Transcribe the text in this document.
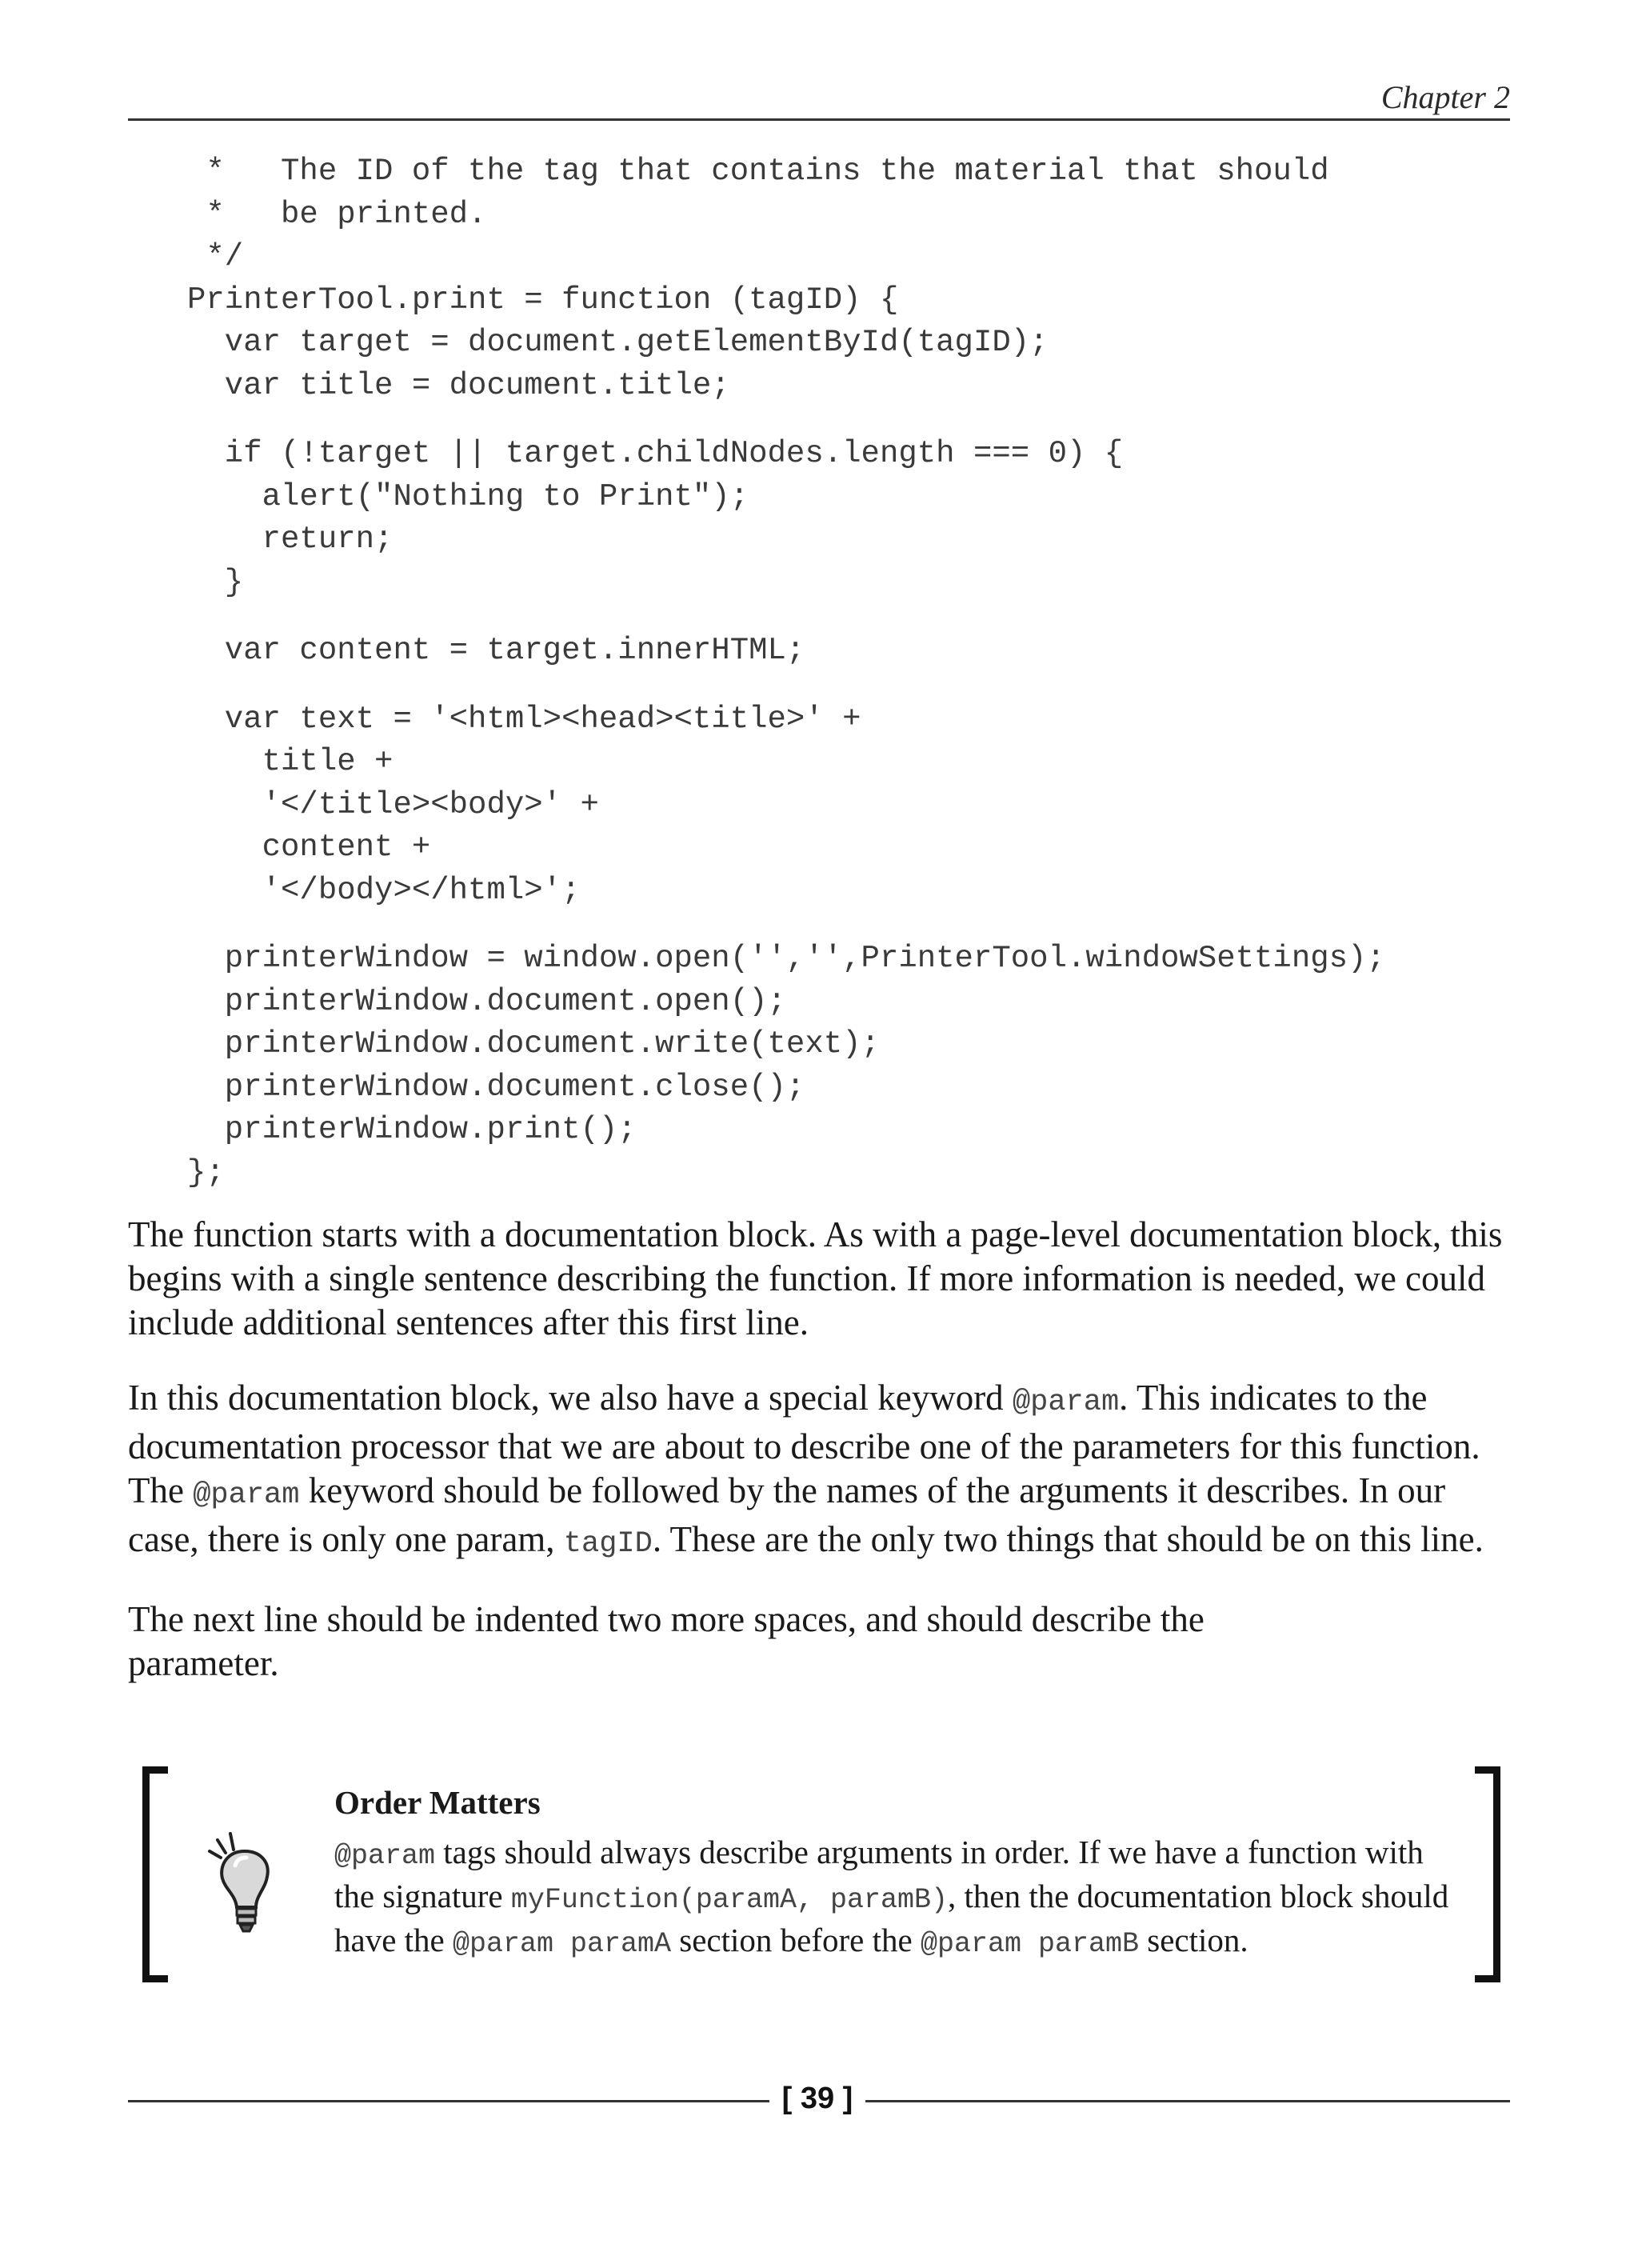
Chapter 2
*   The ID of the tag that contains the material that should
*   be printed.
*/
PrinterTool.print = function (tagID) {
var target = document.getElementById(tagID);
var title = document.title;
if (!target || target.childNodes.length === 0) {
alert("Nothing to Print");
return;
}
var content = target.innerHTML;
var text = '<html><head><title>' +
title +
'</title><body>' +
content +
'</body></html>';
printerWindow = window.open('','',PrinterTool.windowSettings);
printerWindow.document.open();
printerWindow.document.write(text);
printerWindow.document.close();
printerWindow.print();
};

The function starts with a documentation block. As with a page-level documentation block, this begins with a single sentence describing the function. If more information is needed, we could include additional sentences after this first line.

In this documentation block, we also have a special keyword @param. This indicates to the documentation processor that we are about to describe one of the parameters for this function. The @param keyword should be followed by the names of the arguments it describes. In our case, there is only one param, tagID. These are the only two things that should be on this line.

The next line should be indented two more spaces, and should describe the parameter.

Order Matters

@param tags should always describe arguments in order. If we have a function with the signature myFunction(paramA, paramB), then the documentation block should have the @param paramA section before the @param paramB section.

[ 39 ]
